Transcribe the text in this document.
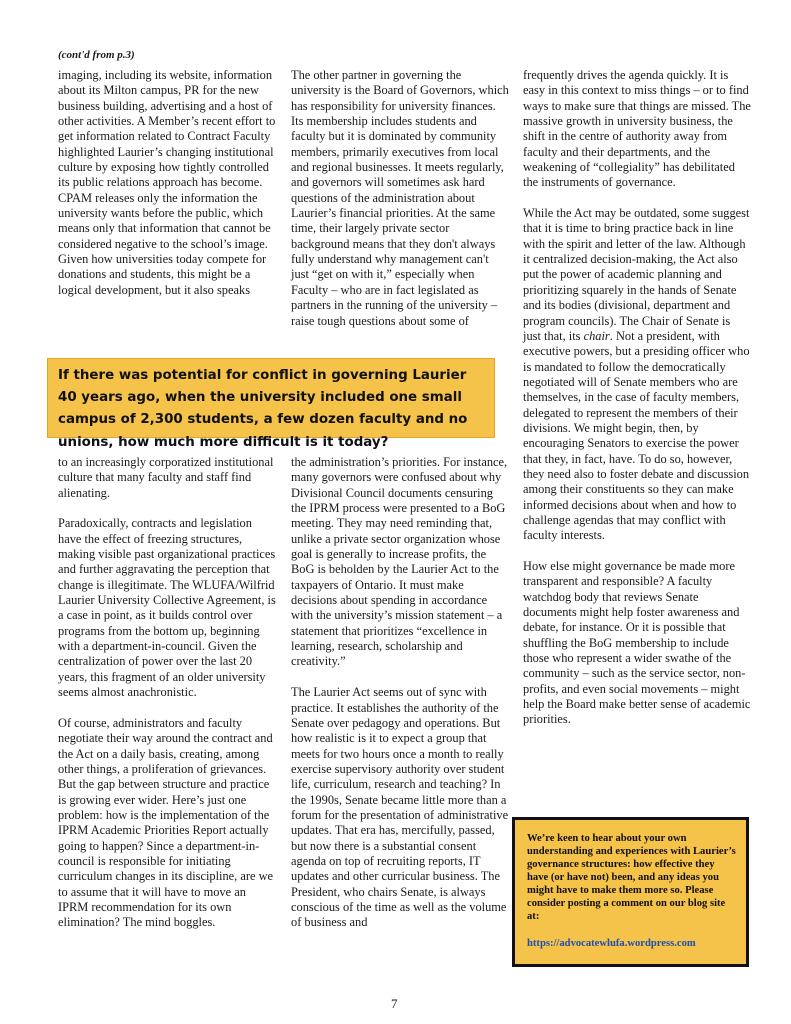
(cont'd from p.3)

imaging, including its website, information about its Milton campus, PR for the new business building, advertising and a host of other activities. A Member’s recent effort to get information related to Contract Faculty highlighted Laurier’s changing institutional culture by exposing how tightly controlled its public relations approach has become. CPAM releases only the information the university wants before the public, which means only that information that cannot be considered negative to the school’s image. Given how universities today compete for donations and students, this might be a logical development, but it also speaks

The other partner in governing the university is the Board of Governors, which has responsibility for university finances. Its membership includes students and faculty but it is dominated by community members, primarily executives from local and regional businesses. It meets regularly, and governors will sometimes ask hard questions of the administration about Laurier’s financial priorities. At the same time, their largely private sector background means that they don't always fully understand why management can't just “get on with it,” especially when Faculty – who are in fact legislated as partners in the running of the university – raise tough questions about some of

If there was potential for conflict in governing Laurier 40 years ago, when the university included one small campus of 2,300 students, a few dozen faculty and no unions, how much more difficult is it today?

to an increasingly corporatized institutional culture that many faculty and staff find alienating.

Paradoxically, contracts and legislation have the effect of freezing structures, making visible past organizational practices and further aggravating the perception that change is illegitimate. The WLUFA/Wilfrid Laurier University Collective Agreement, is a case in point, as it builds control over programs from the bottom up, beginning with a department-in-council. Given the centralization of power over the last 20 years, this fragment of an older university seems almost anachronistic.

Of course, administrators and faculty negotiate their way around the contract and the Act on a daily basis, creating, among other things, a proliferation of grievances. But the gap between structure and practice is growing ever wider. Here’s just one problem: how is the implementation of the IPRM Academic Priorities Report actually going to happen? Since a department-in-council is responsible for initiating curriculum changes in its discipline, are we to assume that it will have to move an IPRM recommendation for its own elimination? The mind boggles.

the administration’s priorities. For instance, many governors were confused about why Divisional Council documents censuring the IPRM process were presented to a BoG meeting. They may need reminding that, unlike a private sector organization whose goal is generally to increase profits, the BoG is beholden by the Laurier Act to the taxpayers of Ontario. It must make decisions about spending in accordance with the university’s mission statement – a statement that prioritizes “excellence in learning, research, scholarship and creativity.”

The Laurier Act seems out of sync with practice. It establishes the authority of the Senate over pedagogy and operations. But how realistic is it to expect a group that meets for two hours once a month to really exercise supervisory authority over student life, curriculum, research and teaching? In the 1990s, Senate became little more than a forum for the presentation of administrative updates. That era has, mercifully, passed, but now there is a substantial consent agenda on top of recruiting reports, IT updates and other curricular business. The President, who chairs Senate, is always conscious of the time as well as the volume of business and

frequently drives the agenda quickly. It is easy in this context to miss things – or to find ways to make sure that things are missed. The massive growth in university business, the shift in the centre of authority away from faculty and their departments, and the weakening of “collegiality” has debilitated the instruments of governance.

While the Act may be outdated, some suggest that it is time to bring practice back in line with the spirit and letter of the law. Although it centralized decision-making, the Act also put the power of academic planning and prioritizing squarely in the hands of Senate and its bodies (divisional, department and program councils). The Chair of Senate is just that, its chair. Not a president, with executive powers, but a presiding officer who is mandated to follow the democratically negotiated will of Senate members who are themselves, in the case of faculty members, delegated to represent the members of their divisions. We might begin, then, by encouraging Senators to exercise the power that they, in fact, have. To do so, however, they need also to foster debate and discussion among their constituents so they can make informed decisions about when and how to challenge agendas that may conflict with faculty interests.

How else might governance be made more transparent and responsible? A faculty watchdog body that reviews Senate documents might help foster awareness and debate, for instance. Or it is possible that shuffling the BoG membership to include those who represent a wider swathe of the community – such as the service sector, non-profits, and even social movements – might help the Board make better sense of academic priorities.

We’re keen to hear about your own understanding and experiences with Laurier’s governance structures: how effective they have (or have not) been, and any ideas you might have to make them more so. Please consider posting a comment on our blog site at:
https://advocatewlufa.wordpress.com
7
